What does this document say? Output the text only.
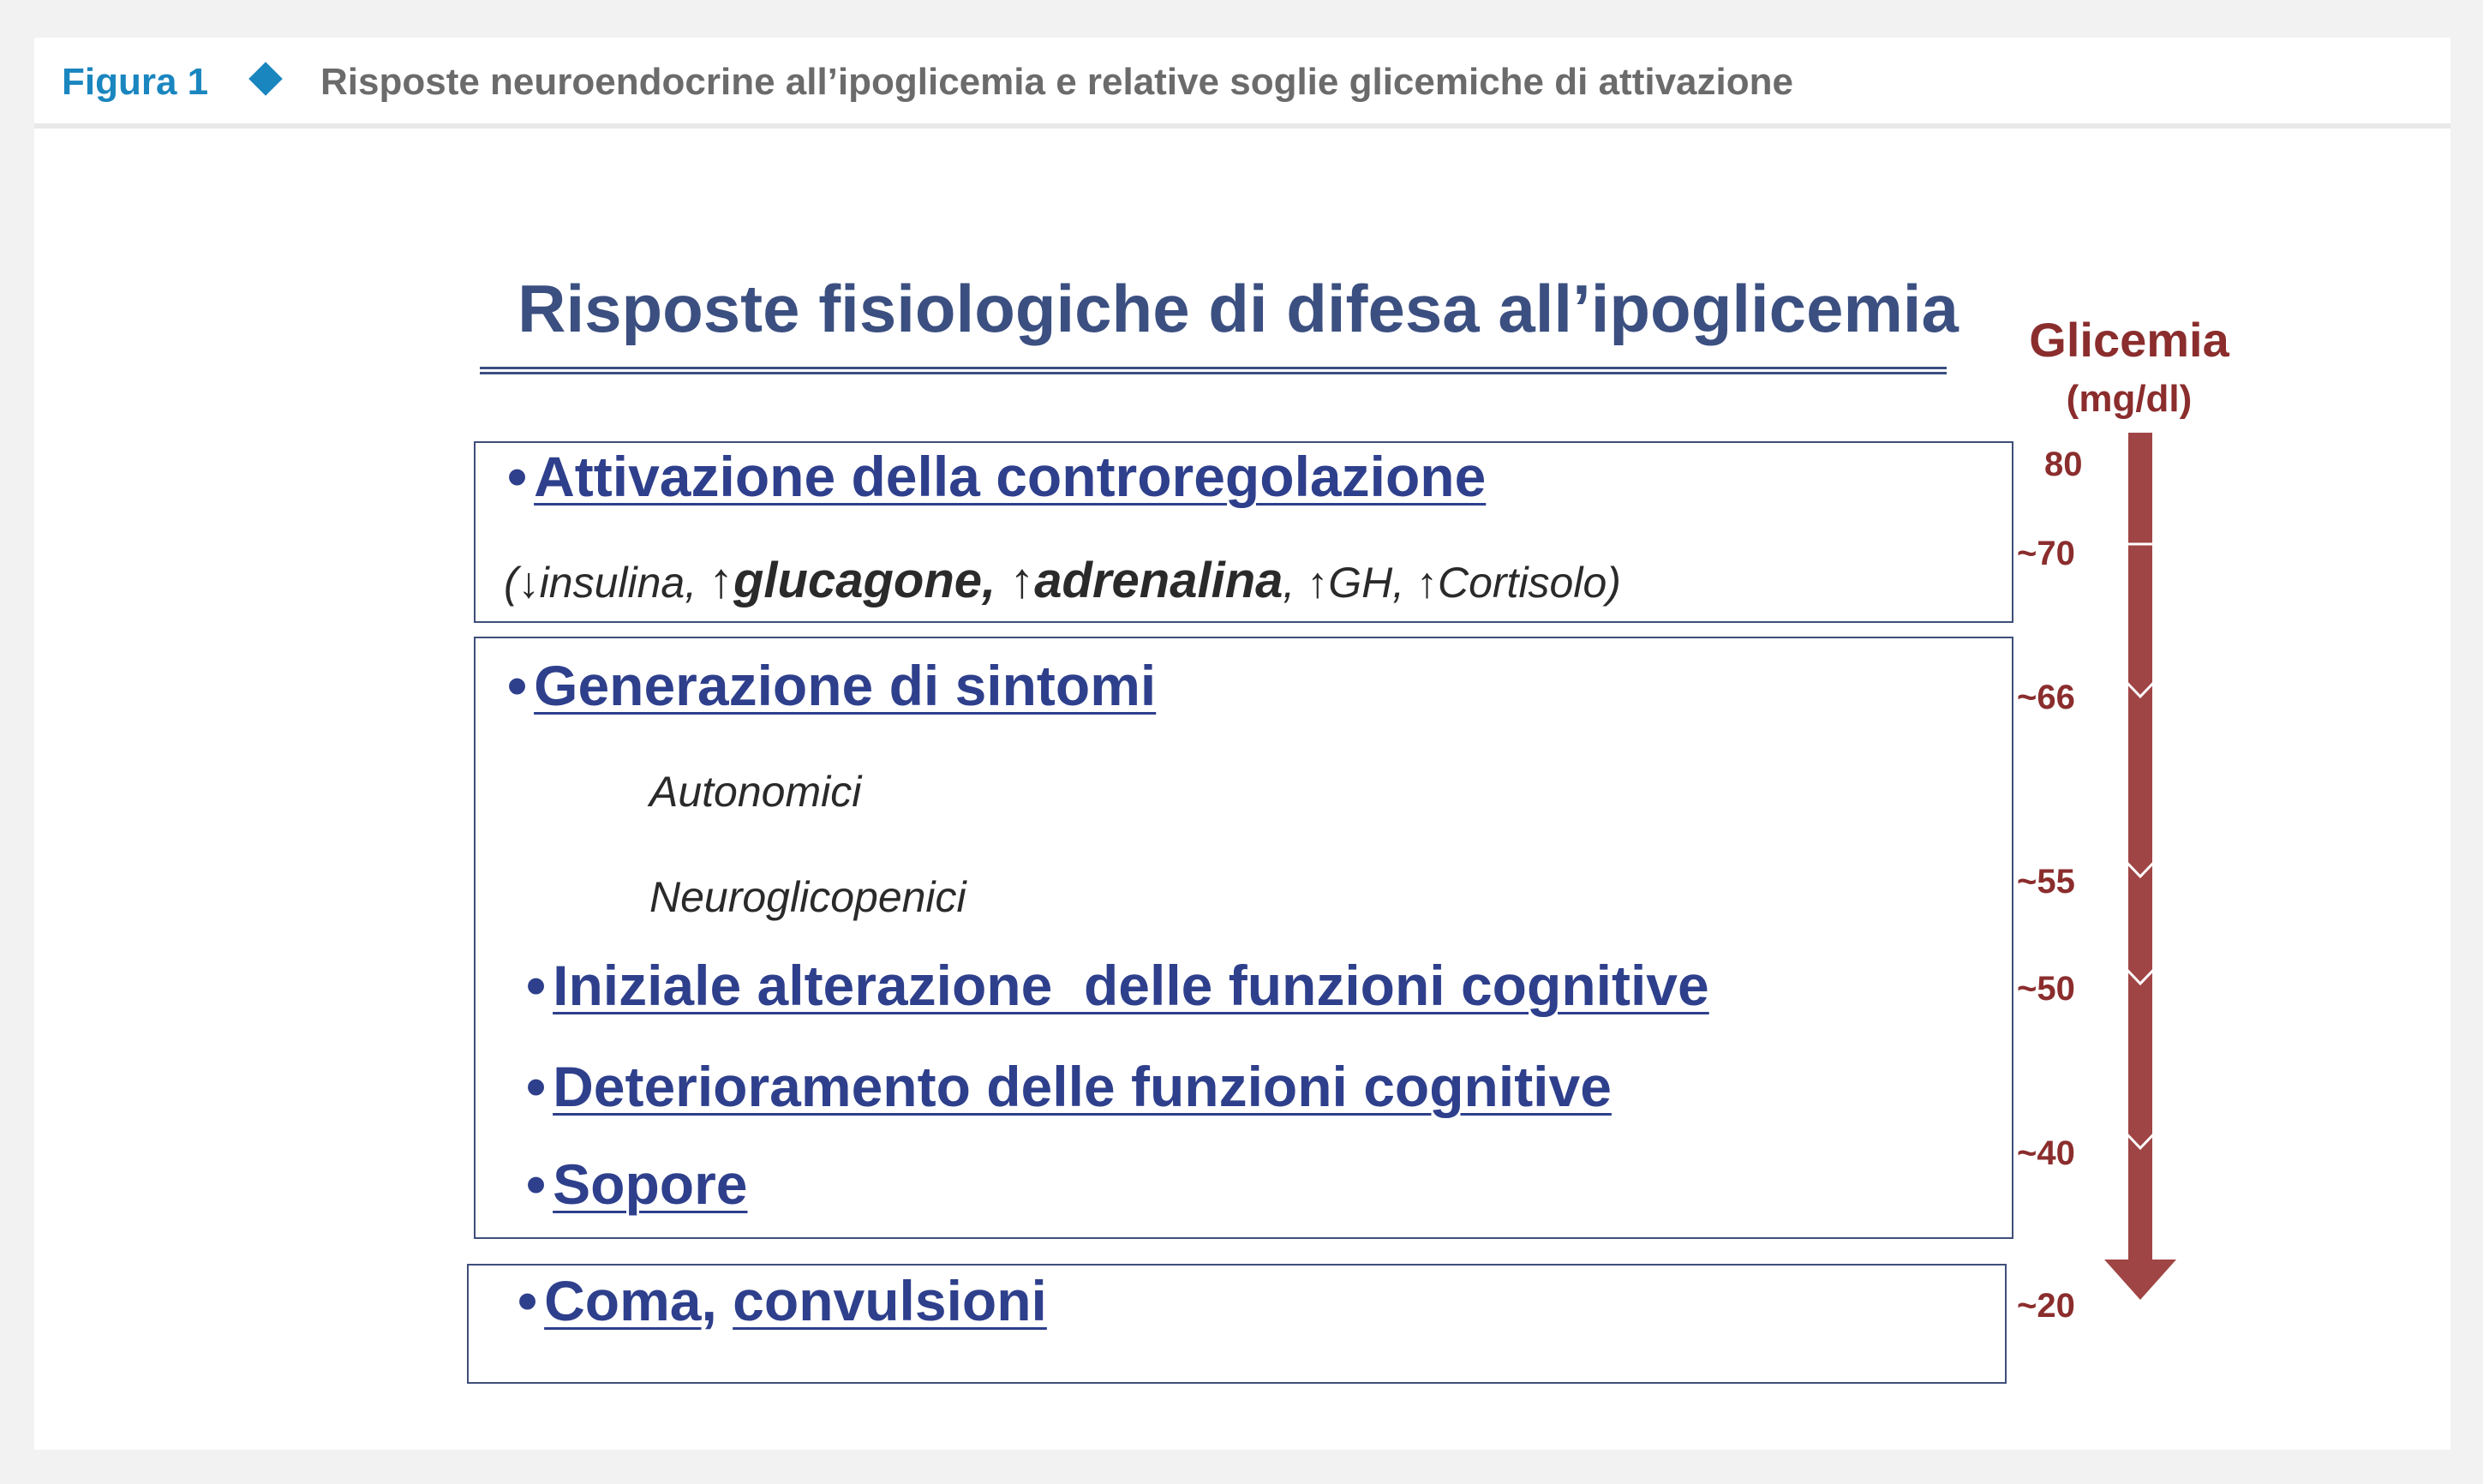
Figura 1	Risposte neuroendocrine all’ipoglicemia e relative soglie glicemiche di attivazione
Risposte fisiologiche di difesa all’ipoglicemia
• Attivazione della controregolazione
(↓insulina, ↑glucagone, ↑adrenalina, ↑GH, ↑Cortisolo)
• Generazione di sintomi
Autonomici
Neuroglicopenici
• Iniziale alterazione  delle funzioni cognitive
• Deterioramento delle funzioni cognitive
• Sopore
• Coma, convulsioni
Glicemia
(mg/dl)
80
~70
~66
~55
~50
~40
~20
